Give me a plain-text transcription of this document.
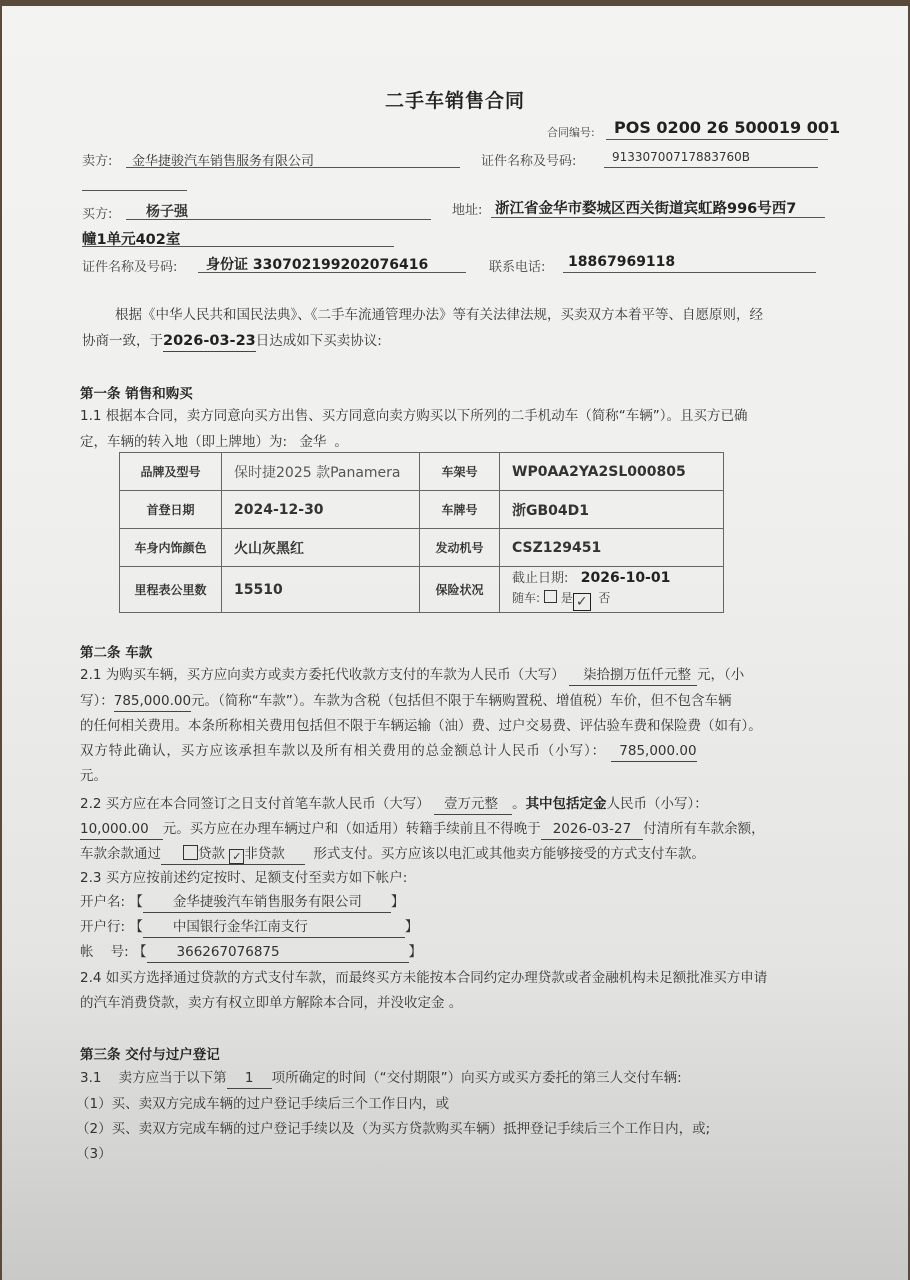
二手车销售合同
合同编号: POS 0200 26 500019 001
卖方: 金华捷骏汽车销售服务有限公司	证件名称及号码:	91330700717883760B
买方: 杨子强	地址: 浙江省金华市婺城区西关街道宾虹路996号西7
幢1单元402室
证件名称及号码: 身份证 330702199202076416	联系电话: 18867969118
根据《中华人民共和国民法典》、《二手车流通管理办法》等有关法律法规，买卖双方本着平等、自愿原则，经
协商一致，于2026-03-23日达成如下买卖协议:
第一条 销售和购买
1.1 根据本合同，卖方同意向买方出售、买方同意向卖方购买以下所列的二手机动车（简称“车辆”）。且买方已确
定，车辆的转入地（即上牌地）为: 金华 。
品牌及型号	保时捷2025 款Panamera	车架号	WP0AA2YA2SL000805
首登日期	2024-12-30	车牌号	浙GB04D1
车身内饰颜色	火山灰黑红	发动机号	CSZ129451
里程表公里数	15510	保险状况	截止日期: 2026-10-01
随车: 是 ✓ 否
第二条 车款
2.1 为购买车辆，买方应向卖方或卖方委托代收款方支付的车款为人民币（大写） 柒拾捌万伍仟元整 元，（小
写）：785,000.00元。（简称“车款”）。车款为含税（包括但不限于车辆购置税、增值税）车价，但不包含车辆
的任何相关费用。本条所称相关费用包括但不限于车辆运输（油）费、过户交易费、评估验车费和保险费（如有）。
双方特此确认，买方应该承担车款以及所有相关费用的总金额总计人民币（小写）： 785,000.00
元。
2.2 买方应在本合同签订之日支付首笔车款人民币（大写） 壹万元整 。其中包括定金人民币（小写）：
10,000.00 元。买方应在办理车辆过户和（如适用）转籍手续前且不得晚于 2026-03-27 付清所有车款余额，
车款余款通过	贷款 ✓ 非贷款 形式支付。买方应该以电汇或其他卖方能够接受的方式支付车款。
2.3 买方应按前述约定按时、足额支付至卖方如下帐户:
开户名: 【 金华捷骏汽车销售服务有限公司 】
开户行: 【 中国银行金华江南支行	】
帐    号: 【 366267076875	】
2.4 如买方选择通过贷款的方式支付车款，而最终买方未能按本合同约定办理贷款或者金融机构未足额批准买方申请
的汽车消费贷款，卖方有权立即单方解除本合同，并没收定金 。
第三条 交付与过户登记
3.1    卖方应当于以下第 1 项所确定的时间（“交付期限”）向买方或买方委托的第三人交付车辆:
（1）买、卖双方完成车辆的过户登记手续后三个工作日内，或
（2）买、卖双方完成车辆的过户登记手续以及（为买方贷款购买车辆）抵押登记手续后三个工作日内，或;
（3）
